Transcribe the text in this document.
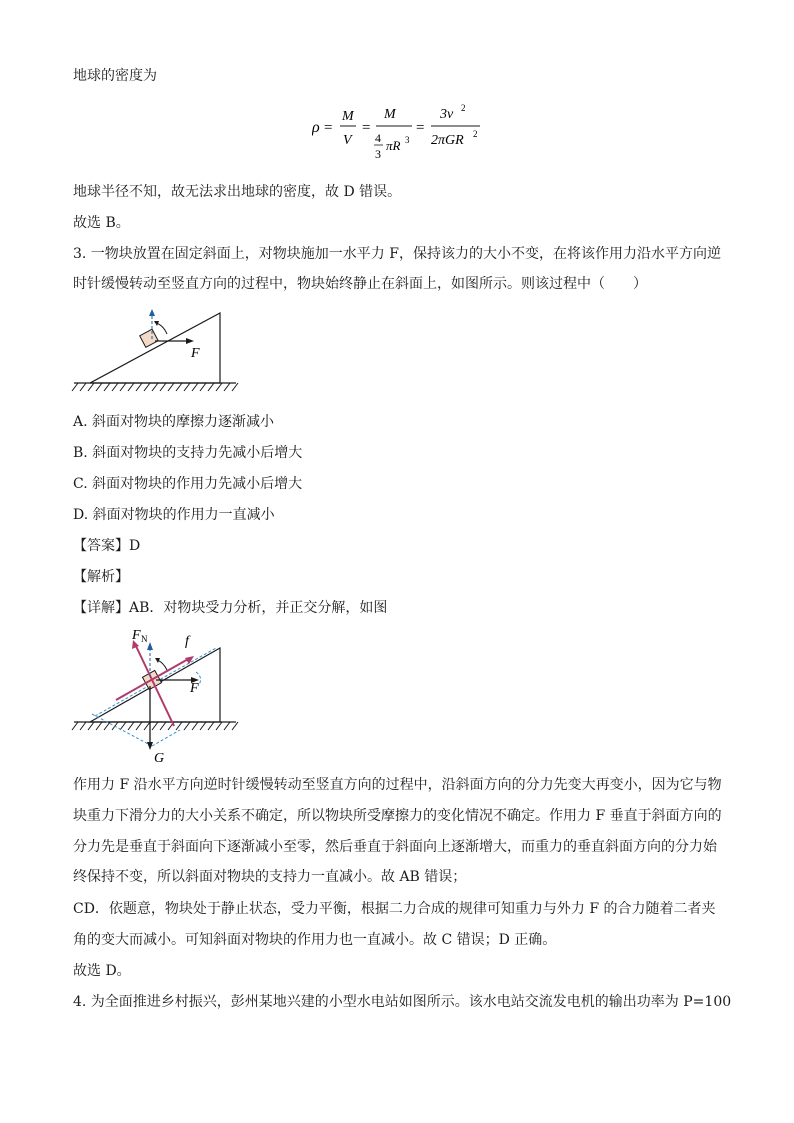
地球的密度为
ρ =
M
V
=
M
4
3
πR 3
=
3v 2
2πGR 2
地球半径不知，故无法求出地球的密度，故 D 错误。
故选 B。
3. 一物块放置在固定斜面上，对物块施加一水平力 F，保持该力的大小不变，在将该作用力沿水平方向逆
时针缓慢转动至竖直方向的过程中，物块始终静止在斜面上，如图所示。则该过程中（　　）
F
A. 斜面对物块的摩擦力逐渐减小
B. 斜面对物块的支持力先减小后增大
C. 斜面对物块的作用力先减小后增大
D. 斜面对物块的作用力一直减小
【答案】D
【解析】
【详解】AB．对物块受力分析，并正交分解，如图
F N	f
F
G
作用力 F 沿水平方向逆时针缓慢转动至竖直方向的过程中，沿斜面方向的分力先变大再变小，因为它与物
块重力下滑分力的大小关系不确定，所以物块所受摩擦力的变化情况不确定。作用力 F 垂直于斜面方向的
分力先是垂直于斜面向下逐渐减小至零，然后垂直于斜面向上逐渐增大，而重力的垂直斜面方向的分力始
终保持不变，所以斜面对物块的支持力一直减小。故 AB 错误；
CD．依题意，物块处于静止状态，受力平衡，根据二力合成的规律可知重力与外力 F 的合力随着二者夹
角的变大而减小。可知斜面对物块的作用力也一直减小。故 C 错误；D 正确。
故选 D。
4. 为全面推进乡村振兴，彭州某地兴建的小型水电站如图所示。该水电站交流发电机的输出功率为 P=100
